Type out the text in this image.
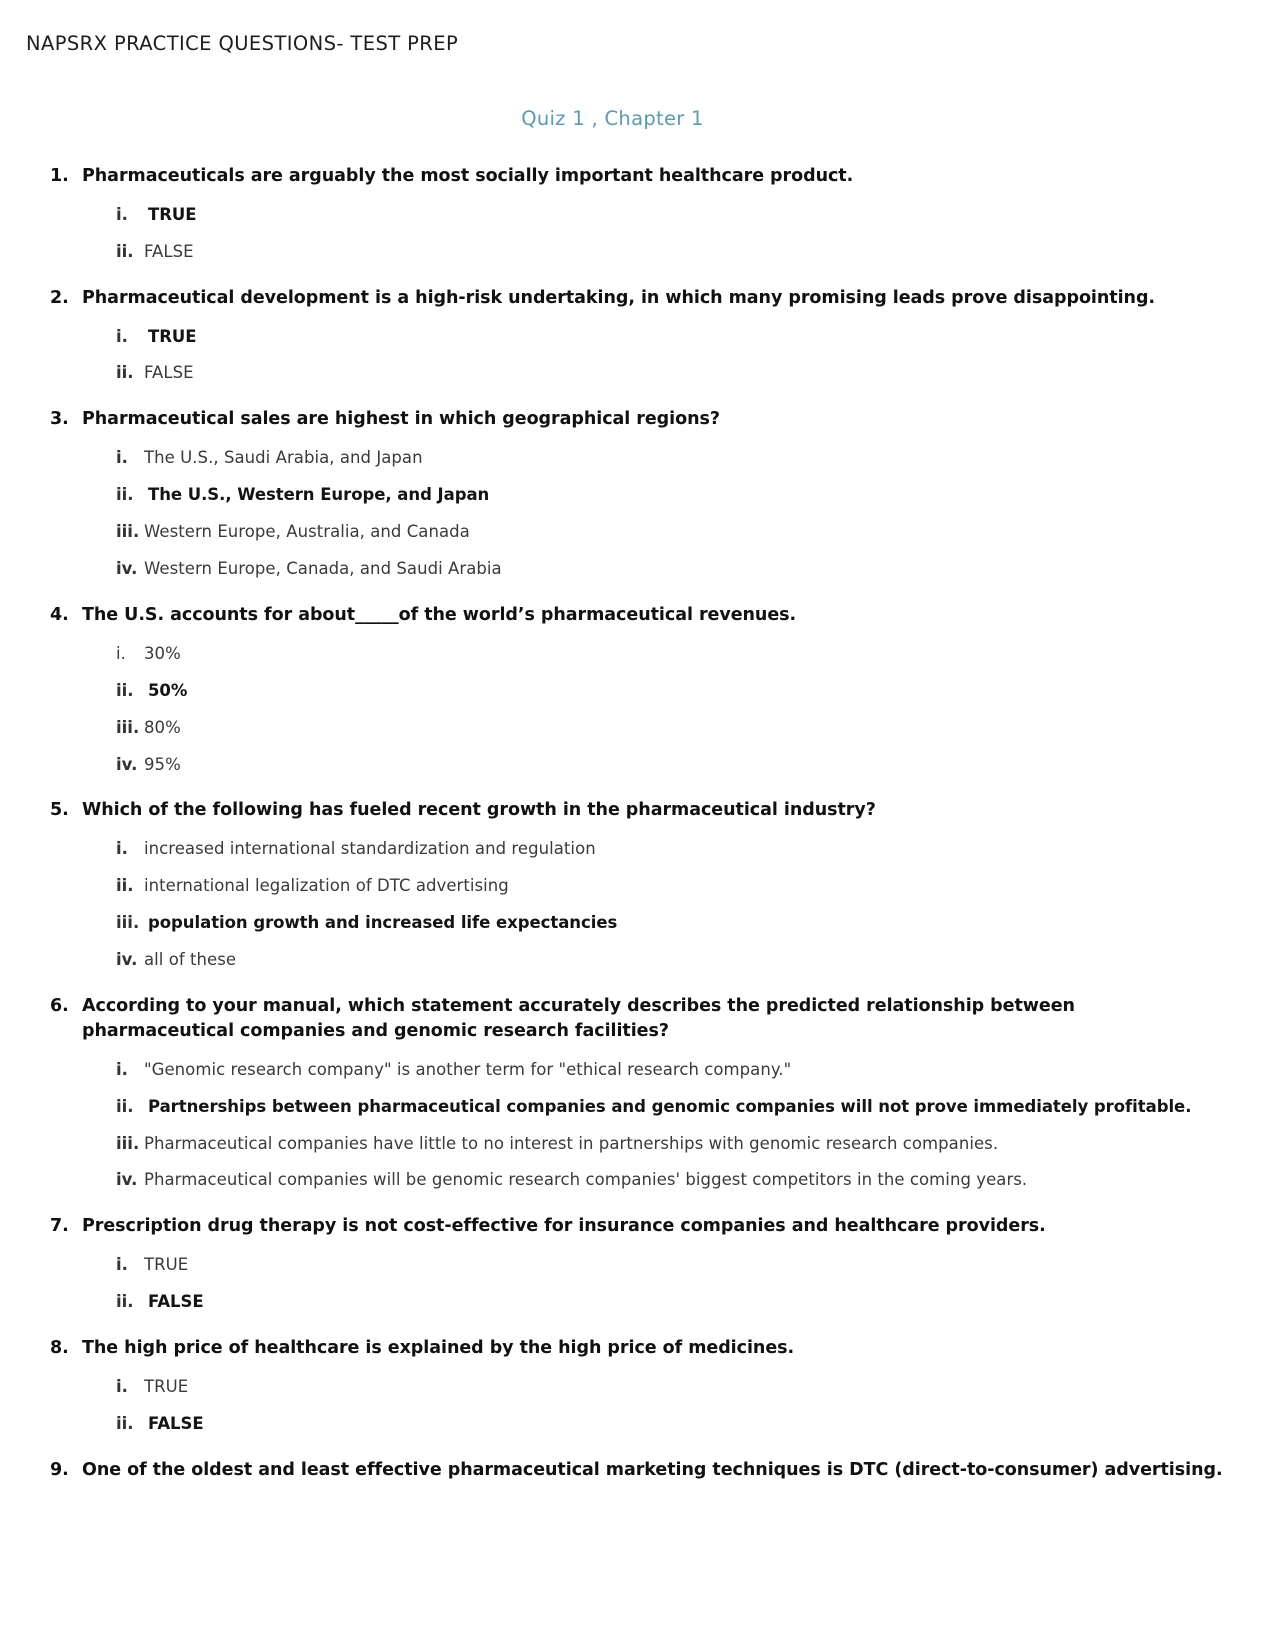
NAPSRX PRACTICE QUESTIONS- TEST PREP
Quiz 1 , Chapter 1
1. Pharmaceuticals are arguably the most socially important healthcare product.
i.	TRUE
ii. FALSE
2. Pharmaceutical development is a high-risk undertaking, in which many promising leads prove disappointing.
i.	TRUE
ii. FALSE
3. Pharmaceutical sales are highest in which geographical regions?
i. The U.S., Saudi Arabia, and Japan
ii. The U.S., Western Europe, and Japan
iii. Western Europe, Australia, and Canada
iv. Western Europe, Canada, and Saudi Arabia
4. The U.S. accounts for about_____of the world’s pharmaceutical revenues.
i.	30%
ii. 50%
iii. 80%
iv. 95%
5. Which of the following has fueled recent growth in the pharmaceutical industry?
i. increased international standardization and regulation
ii. international legalization of DTC advertising
iii. population growth and increased life expectancies
iv. all of these
6. According to your manual, which statement accurately describes the predicted relationship between pharmaceutical companies and genomic research facilities?
i. "Genomic research company" is another term for "ethical research company."
ii. Partnerships between pharmaceutical companies and genomic companies will not prove immediately profitable.
iii. Pharmaceutical companies have little to no interest in partnerships with genomic research companies.
iv. Pharmaceutical companies will be genomic research companies' biggest competitors in the coming years.
7. Prescription drug therapy is not cost-effective for insurance companies and healthcare providers.
i. TRUE
ii. FALSE
8. The high price of healthcare is explained by the high price of medicines.
i. TRUE
ii. FALSE
9. One of the oldest and least effective pharmaceutical marketing techniques is DTC (direct-to-consumer) advertising.
